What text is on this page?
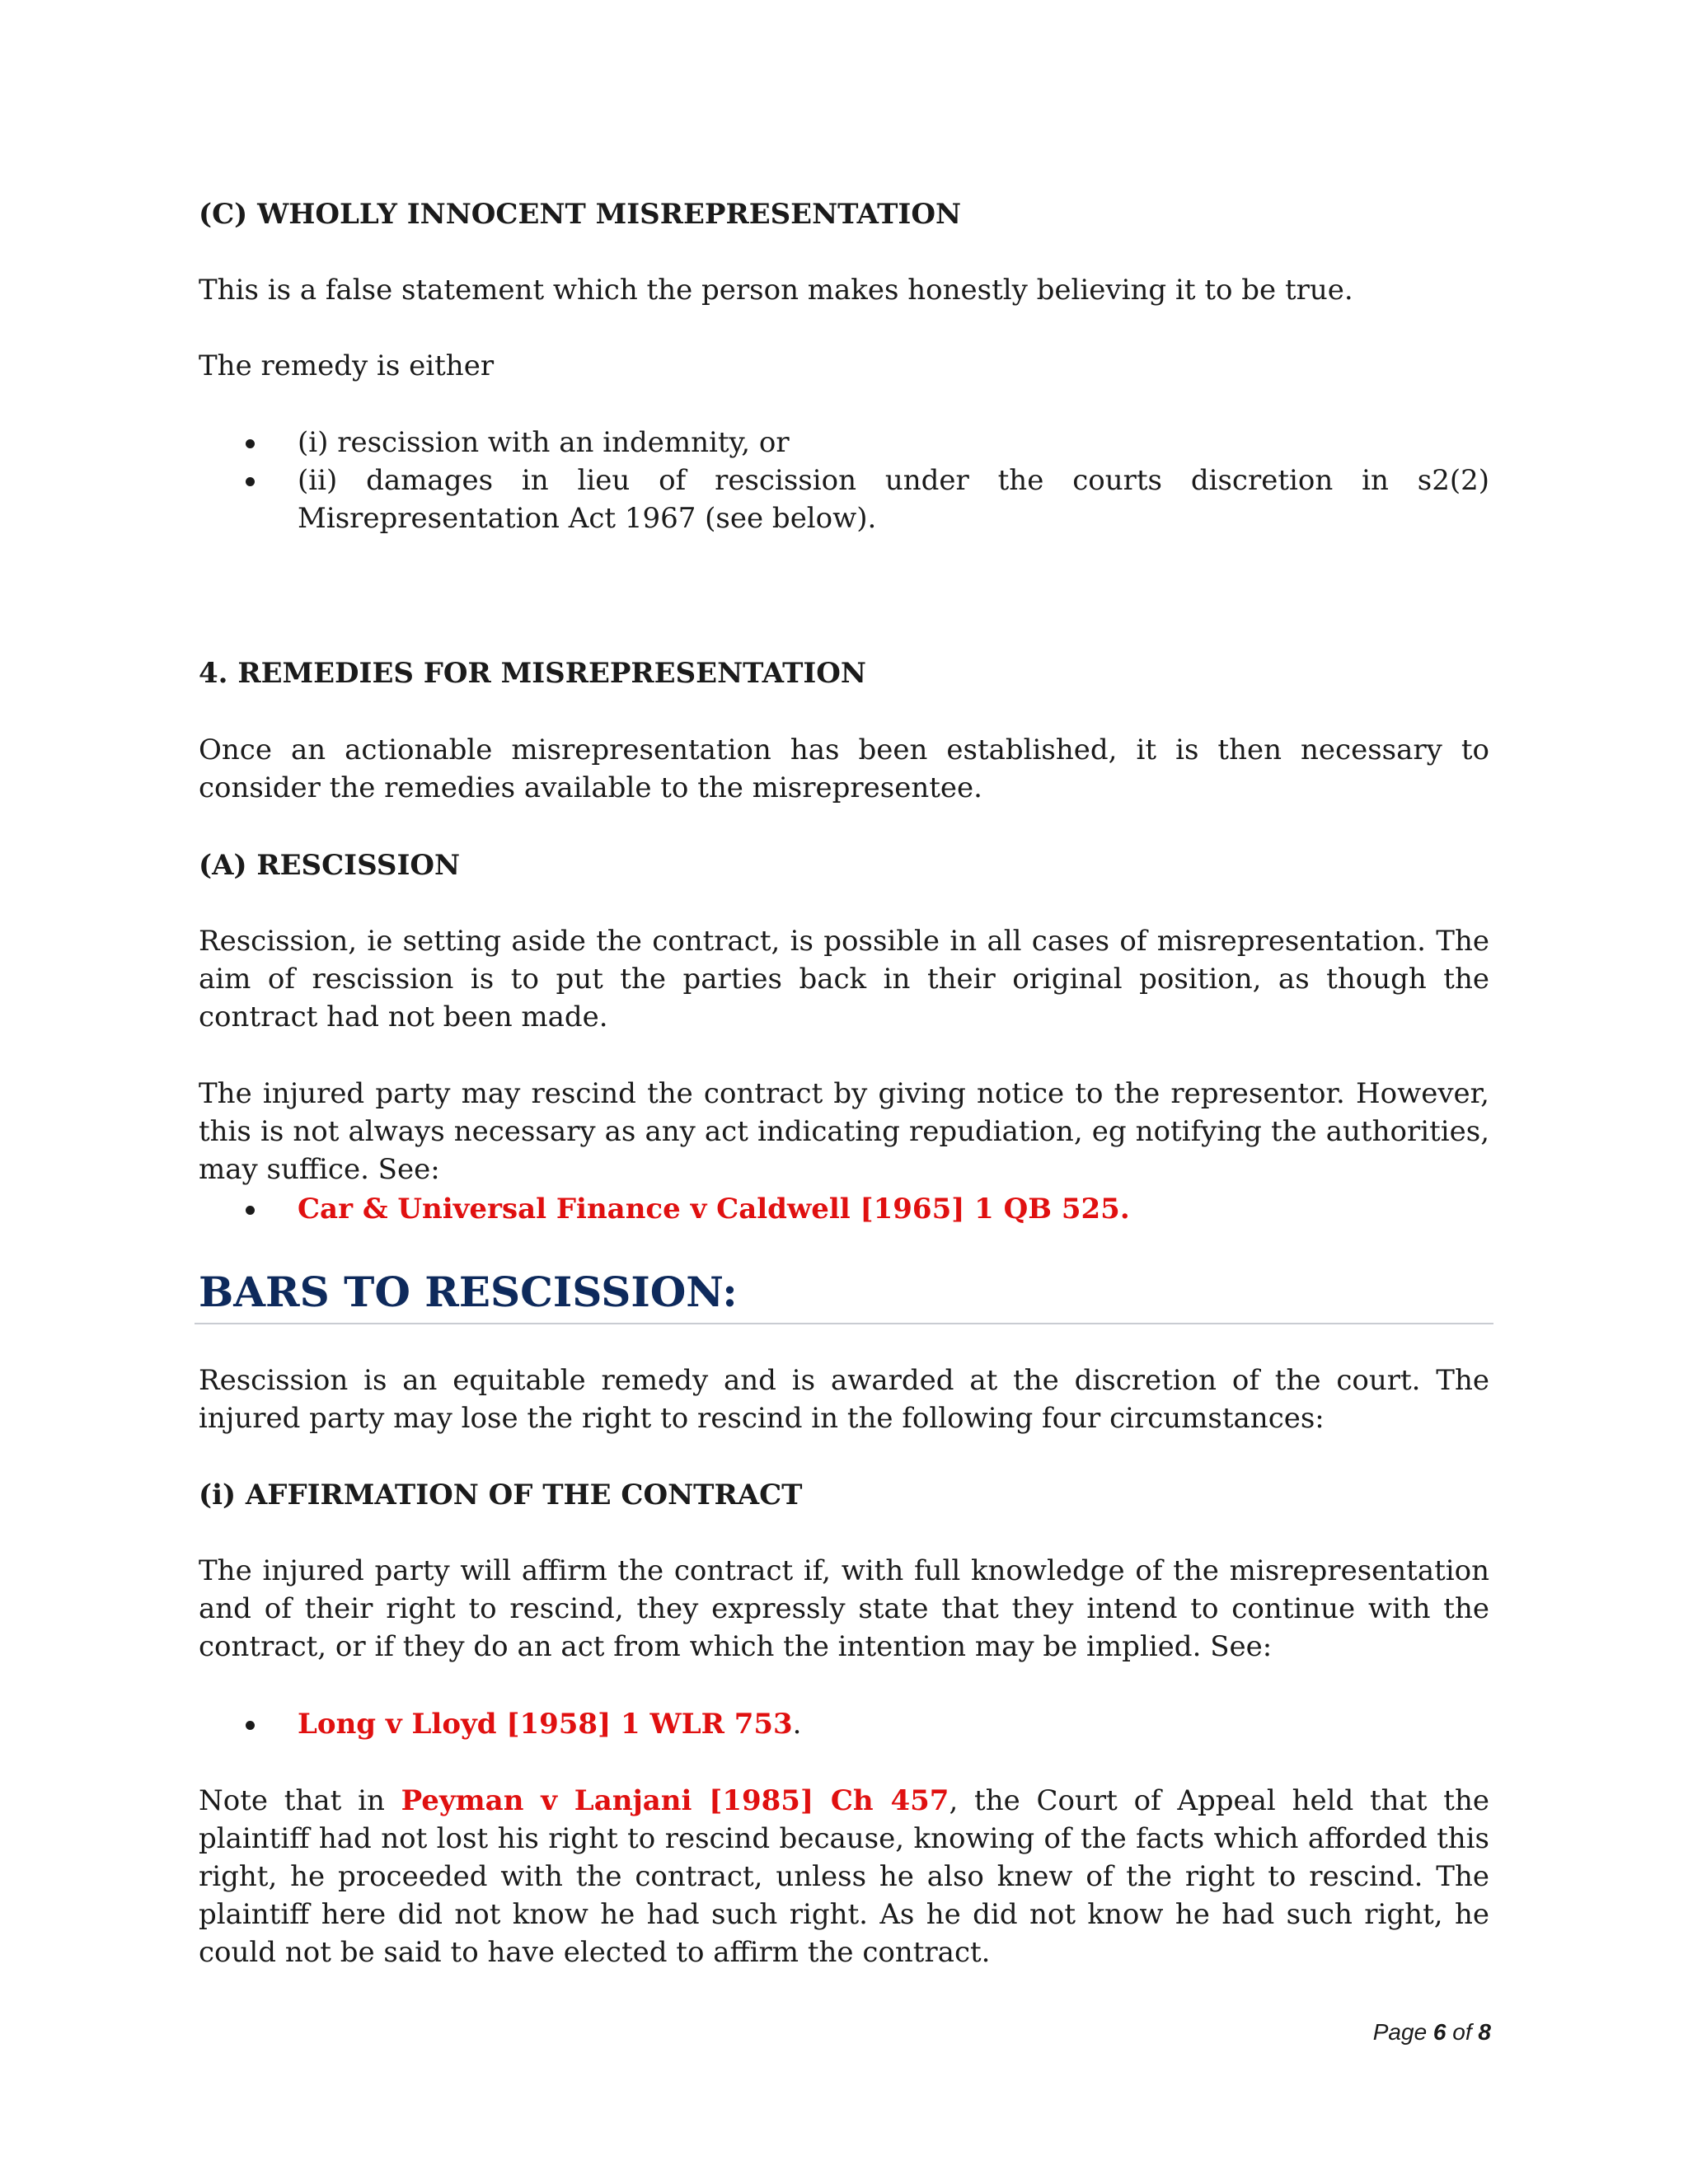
(C) WHOLLY INNOCENT MISREPRESENTATION

This is a false statement which the person makes honestly believing it to be true.

The remedy is either

(i) rescission with an indemnity, or
(ii) damages in lieu of rescission under the courts discretion in s2(2) Misrepresentation Act 1967 (see below).

4. REMEDIES FOR MISREPRESENTATION

Once an actionable misrepresentation has been established, it is then necessary to consider the remedies available to the misrepresentee.

(A) RESCISSION

Rescission, ie setting aside the contract, is possible in all cases of misrepresentation. The aim of rescission is to put the parties back in their original position, as though the contract had not been made.

The injured party may rescind the contract by giving notice to the representor. However, this is not always necessary as any act indicating repudiation, eg notifying the authorities, may suffice. See:

Car & Universal Finance v Caldwell [1965] 1 QB 525.
BARS TO RESCISSION:

Rescission is an equitable remedy and is awarded at the discretion of the court. The injured party may lose the right to rescind in the following four circumstances:

(i) AFFIRMATION OF THE CONTRACT

The injured party will affirm the contract if, with full knowledge of the misrepresentation and of their right to rescind, they expressly state that they intend to continue with the contract, or if they do an act from which the intention may be implied. See:

Long v Lloyd [1958] 1 WLR 753.

Note that in Peyman v Lanjani [1985] Ch 457, the Court of Appeal held that the plaintiff had not lost his right to rescind because, knowing of the facts which afforded this right, he proceeded with the contract, unless he also knew of the right to rescind. The plaintiff here did not know he had such right. As he did not know he had such right, he could not be said to have elected to affirm the contract.

Page 6 of 8
